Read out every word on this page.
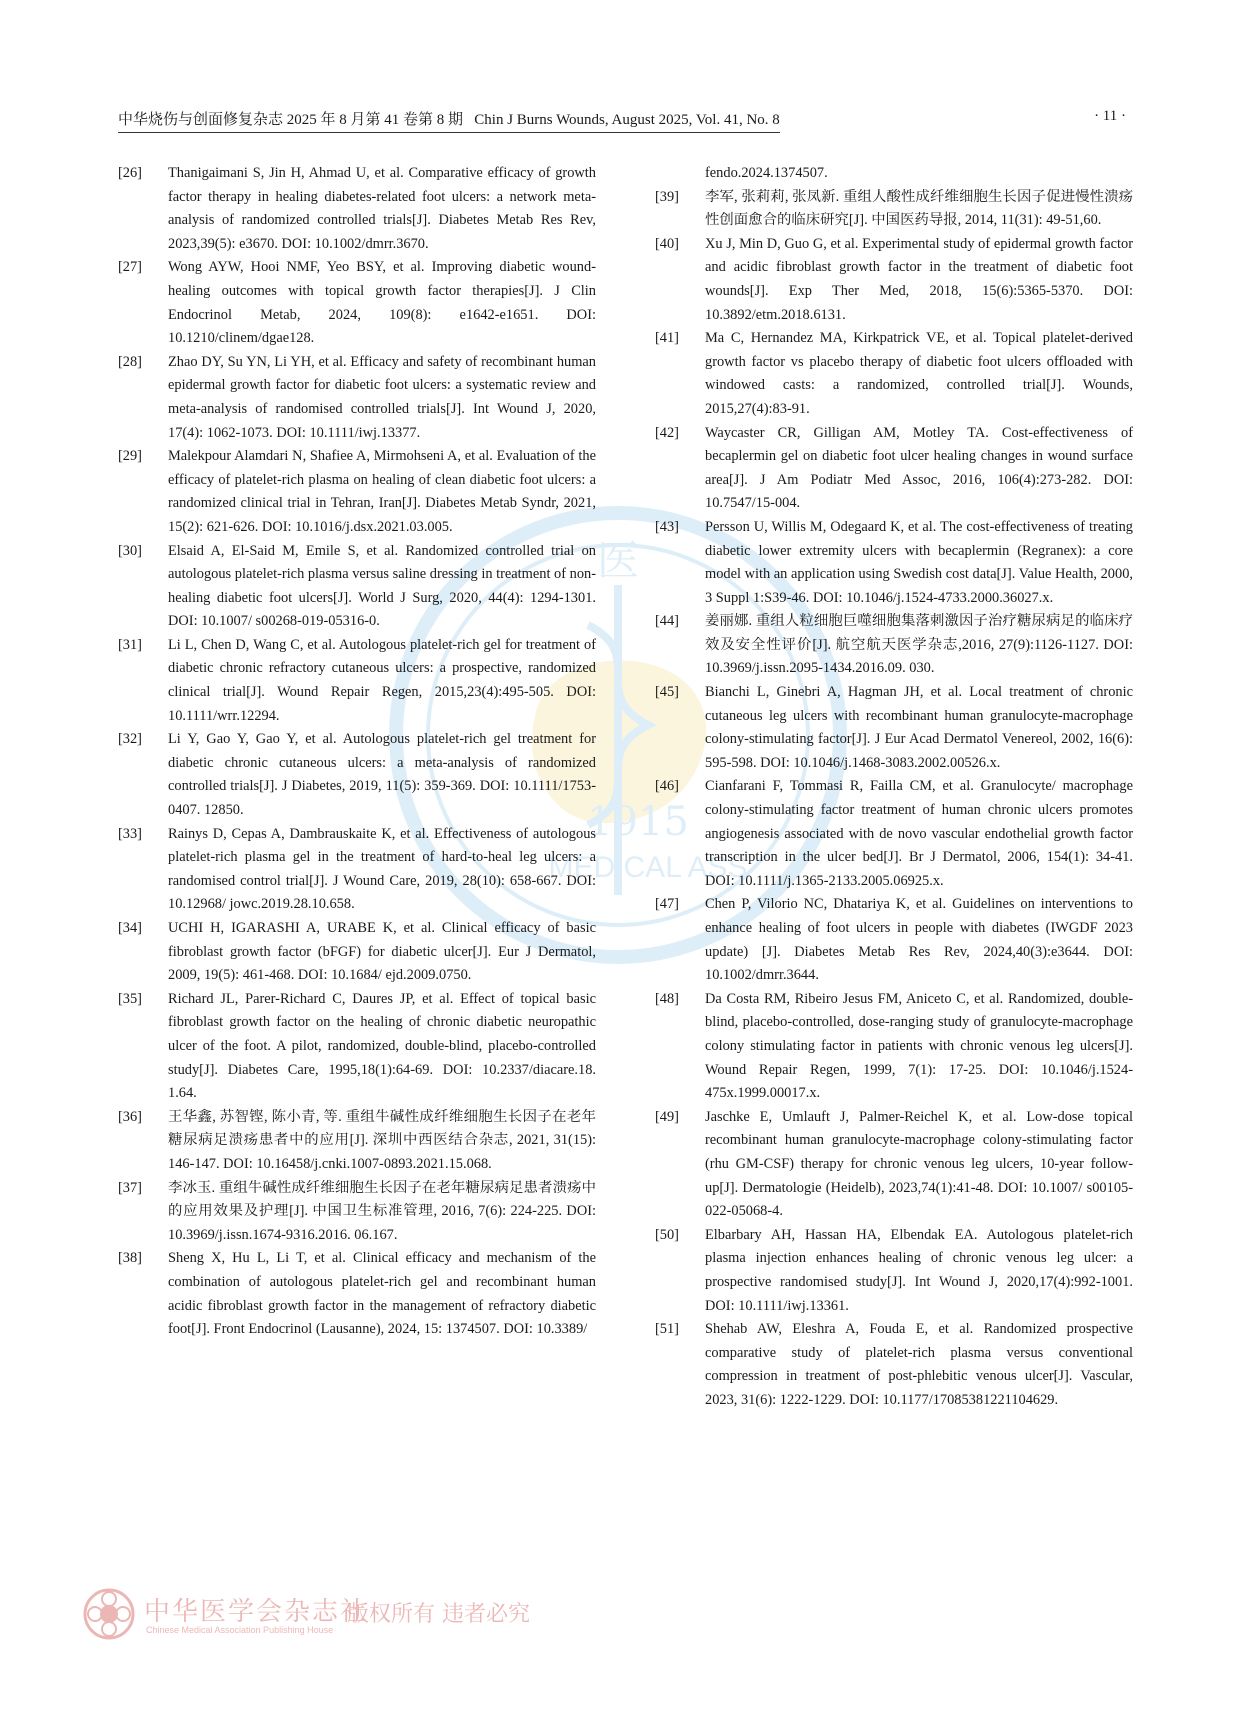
医
1915
MEDICAL ASS
中华烧伤与创面修复杂志 2025 年 8 月第 41 卷第 8 期 Chin J Burns Wounds, August 2025, Vol. 41, No. 8	· 11 ·
[26]	Thanigaimani S, Jin H, Ahmad U, et al. Comparative efficacy of growth factor therapy in healing diabetes-related foot ulcers: a network meta-analysis of randomized controlled trials[J]. Diabetes Metab Res Rev, 2023,39(5): e3670. DOI: 10.1002/dmrr.3670.
[27]	Wong AYW, Hooi NMF, Yeo BSY, et al. Improving diabetic wound-healing outcomes with topical growth factor therapies[J]. J Clin Endocrinol Metab, 2024, 109(8): e1642-e1651. DOI: 10.1210/clinem/dgae128.
[28]	Zhao DY, Su YN, Li YH, et al. Efficacy and safety of recombinant human epidermal growth factor for diabetic foot ulcers: a systematic review and meta-analysis of randomised controlled trials[J]. Int Wound J, 2020, 17(4): 1062-1073. DOI: 10.1111/iwj.13377.
[29]	Malekpour Alamdari N, Shafiee A, Mirmohseni A, et al. Evaluation of the efficacy of platelet-rich plasma on healing of clean diabetic foot ulcers: a randomized clinical trial in Tehran, Iran[J]. Diabetes Metab Syndr, 2021, 15(2): 621-626. DOI: 10.1016/j.dsx.2021.03.005.
[30]	Elsaid A, El-Said M, Emile S, et al. Randomized controlled trial on autologous platelet-rich plasma versus saline dressing in treatment of non-healing diabetic foot ulcers[J]. World J Surg, 2020, 44(4): 1294-1301. DOI: 10.1007/ s00268-019-05316-0.
[31]	Li L, Chen D, Wang C, et al. Autologous platelet-rich gel for treatment of diabetic chronic refractory cutaneous ulcers: a prospective, randomized clinical trial[J]. Wound Repair Regen, 2015,23(4):495-505. DOI: 10.1111/wrr.12294.
[32]	Li Y, Gao Y, Gao Y, et al. Autologous platelet-rich gel treatment for diabetic chronic cutaneous ulcers: a meta-analysis of randomized controlled trials[J]. J Diabetes, 2019, 11(5): 359-369. DOI: 10.1111/1753-0407. 12850.
[33]	Rainys D, Cepas A, Dambrauskaite K, et al. Effectiveness of autologous platelet-rich plasma gel in the treatment of hard-to-heal leg ulcers: a randomised control trial[J]. J Wound Care, 2019, 28(10): 658-667. DOI: 10.12968/ jowc.2019.28.10.658.
[34]	UCHI H, IGARASHI A, URABE K, et al. Clinical efficacy of basic fibroblast growth factor (bFGF) for diabetic ulcer[J]. Eur J Dermatol, 2009, 19(5): 461-468. DOI: 10.1684/ ejd.2009.0750.
[35]	Richard JL, Parer-Richard C, Daures JP, et al. Effect of topical basic fibroblast growth factor on the healing of chronic diabetic neuropathic ulcer of the foot. A pilot, randomized, double-blind, placebo-controlled study[J]. Diabetes Care, 1995,18(1):64-69. DOI: 10.2337/diacare.18. 1.64.
[36]	王华鑫, 苏智铿, 陈小青, 等. 重组牛碱性成纤维细胞生长因子在老年糖尿病足溃疡患者中的应用[J]. 深圳中西医结合杂志, 2021, 31(15): 146-147. DOI: 10.16458/j.cnki.1007-0893.2021.15.068.
[37]	李冰玉. 重组牛碱性成纤维细胞生长因子在老年糖尿病足患者溃疡中的应用效果及护理[J]. 中国卫生标准管理, 2016, 7(6): 224-225. DOI: 10.3969/j.issn.1674-9316.2016. 06.167.
[38]	Sheng X, Hu L, Li T, et al. Clinical efficacy and mechanism of the combination of autologous platelet-rich gel and recombinant human acidic fibroblast growth factor in the management of refractory diabetic foot[J]. Front Endocrinol (Lausanne), 2024, 15: 1374507. DOI: 10.3389/
fendo.2024.1374507.
[39]	李军, 张莉莉, 张凤新. 重组人酸性成纤维细胞生长因子促进慢性溃疡性创面愈合的临床研究[J]. 中国医药导报, 2014, 11(31): 49-51,60.
[40]	Xu J, Min D, Guo G, et al. Experimental study of epidermal growth factor and acidic fibroblast growth factor in the treatment of diabetic foot wounds[J]. Exp Ther Med, 2018, 15(6):5365-5370. DOI: 10.3892/etm.2018.6131.
[41]	Ma C, Hernandez MA, Kirkpatrick VE, et al. Topical platelet-derived growth factor vs placebo therapy of diabetic foot ulcers offloaded with windowed casts: a randomized, controlled trial[J]. Wounds, 2015,27(4):83-91.
[42]	Waycaster CR, Gilligan AM, Motley TA. Cost-effectiveness of becaplermin gel on diabetic foot ulcer healing changes in wound surface area[J]. J Am Podiatr Med Assoc, 2016, 106(4):273-282. DOI: 10.7547/15-004.
[43]	Persson U, Willis M, Odegaard K, et al. The cost-effectiveness of treating diabetic lower extremity ulcers with becaplermin (Regranex): a core model with an application using Swedish cost data[J]. Value Health, 2000, 3 Suppl 1:S39-46. DOI: 10.1046/j.1524-4733.2000.36027.x.
[44]	姜丽娜. 重组人粒细胞巨噬细胞集落刺激因子治疗糖尿病足的临床疗效及安全性评价[J]. 航空航天医学杂志,2016, 27(9):1126-1127. DOI: 10.3969/j.issn.2095-1434.2016.09. 030.
[45]	Bianchi L, Ginebri A, Hagman JH, et al. Local treatment of chronic cutaneous leg ulcers with recombinant human granulocyte-macrophage colony-stimulating factor[J]. J Eur Acad Dermatol Venereol, 2002, 16(6): 595-598. DOI: 10.1046/j.1468-3083.2002.00526.x.
[46]	Cianfarani F, Tommasi R, Failla CM, et al. Granulocyte/ macrophage colony-stimulating factor treatment of human chronic ulcers promotes angiogenesis associated with de novo vascular endothelial growth factor transcription in the ulcer bed[J]. Br J Dermatol, 2006, 154(1): 34-41. DOI: 10.1111/j.1365-2133.2005.06925.x.
[47]	Chen P, Vilorio NC, Dhatariya K, et al. Guidelines on interventions to enhance healing of foot ulcers in people with diabetes (IWGDF 2023 update) [J]. Diabetes Metab Res Rev, 2024,40(3):e3644. DOI: 10.1002/dmrr.3644.
[48]	Da Costa RM, Ribeiro Jesus FM, Aniceto C, et al. Randomized, double-blind, placebo-controlled, dose-ranging study of granulocyte-macrophage colony stimulating factor in patients with chronic venous leg ulcers[J]. Wound Repair Regen, 1999, 7(1): 17-25. DOI: 10.1046/j.1524-475x.1999.00017.x.
[49]	Jaschke E, Umlauft J, Palmer-Reichel K, et al. Low-dose topical recombinant human granulocyte-macrophage colony-stimulating factor (rhu GM-CSF) therapy for chronic venous leg ulcers, 10-year follow-up[J]. Dermatologie (Heidelb), 2023,74(1):41-48. DOI: 10.1007/ s00105-022-05068-4.
[50]	Elbarbary AH, Hassan HA, Elbendak EA. Autologous platelet-rich plasma injection enhances healing of chronic venous leg ulcer: a prospective randomised study[J]. Int Wound J, 2020,17(4):992-1001. DOI: 10.1111/iwj.13361.
[51]	Shehab AW, Eleshra A, Fouda E, et al. Randomized prospective comparative study of platelet-rich plasma versus conventional compression in treatment of post-phlebitic venous ulcer[J]. Vascular, 2023, 31(6): 1222-1229. DOI: 10.1177/17085381221104629.
中华医学会杂志社
Chinese Medical Association Publishing House
版权所有 违者必究
